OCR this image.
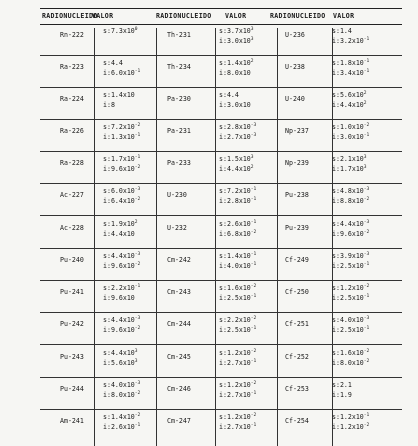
RADIONUCLEIDO
VALOR	RADIONUCLEIDO VALOR	RADIONUCLEIDO VALOR
Rn-222	$s:7.3x10^0$
Th-231	$s:3.7x10^3$
$i:3.0x10^3$
U-236	s:1.4
$i:3.2x10^{-1}$
Ra-223	s:4.4
$i:6.0x10^{-1}$
Th-234	$s:1.4x10^2$
i:8.0x10
U-238	$s:1.8x10^{-1}$
$i:3.4x10^{-1}$
Ra-224	s:1.4x10
i:8
Pa-230	s:4.4
i:3.0x10
U-240	$s:5.6x10^2$
$i:4.4x10^2$
Ra-226	$s:7.2x10^{-2}$
$i:1.3x10^{-1}$
Pa-231	$s:2.8x10^{-3}$
$i:2.7x10^{-3}$
Np-237	$s:1.0x10^{-2}$
$i:3.0x10^{-1}$
Ra-228	$s:1.7x10^{-1}$
$i:9.6x10^{-2}$
Pa-233	$s:1.5x10^3$
$i:4.4x10^2$
Np-239	$s:2.1x10^3$
$i:1.7x10^3$
Ac-227	$s:6.0x10^{-3}$
$i:6.4x10^{-2}$
U-230	$s:7.2x10^{-1}$
$i:2.8x10^{-1}$
Pu-238	$s:4.8x10^{-3}$
$i:8.8x10^{-2}$
Ac-228	$s:1.9x10^2$
i:4.4x10
U-232	$s:2.6x10^{-1}$
$i:6.8x10^{-2}$
Pu-239	$s:4.4x10^{-3}$
$i:9.6x10^{-2}$
Pu-240	$s:4.4x10^{-3}$
$i:9.6x10^{-2}$
Cm-242	$s:1.4x10^{-1}$
$i:4.0x10^{-1}$
Cf-249	$s:3.9x10^{-3}$
$i:2.5x10^{-1}$
Pu-241	$s:2.2x10^{-1}$
i:9.6x10
Cm-243	$s:1.6x10^{-2}$
$i:2.5x10^{-1}$
Cf-250	$s:1.2x10^{-2}$
$i:2.5x10^{-1}$
Pu-242	$s:4.4x10^{-3}$
$i:9.6x10^{-2}$
Cm-244	$s:2.2x10^{-2}$
$i:2.5x10^{-1}$
Cf-251	$s:4.0x10^{-3}$
$i:2.5x10^{-1}$
Pu-243	$s:4.4x10^3$
$i:5.6x10^3$
Cm-245	$s:1.2x10^{-2}$
$i:2.7x10^{-1}$
Cf-252	$s:1.6x10^{-2}$
$i:8.0x10^{-2}$
Pu-244	$s:4.0x10^{-3}$
$i:8.0x10^{-2}$
Cm-246	$s:1.2x10^{-2}$
$i:2.7x10^{-1}$
Cf-253	s:2.1
i:1.9
Am-241	$s:1.4x10^{-2}$
$i:2.6x10^{-1}$
Cm-247	$s:1.2x10^{-2}$
$i:2.7x10^{-1}$
Cf-254	$s:1.2x10^{-1}$
$i:1.2x10^{-2}$
